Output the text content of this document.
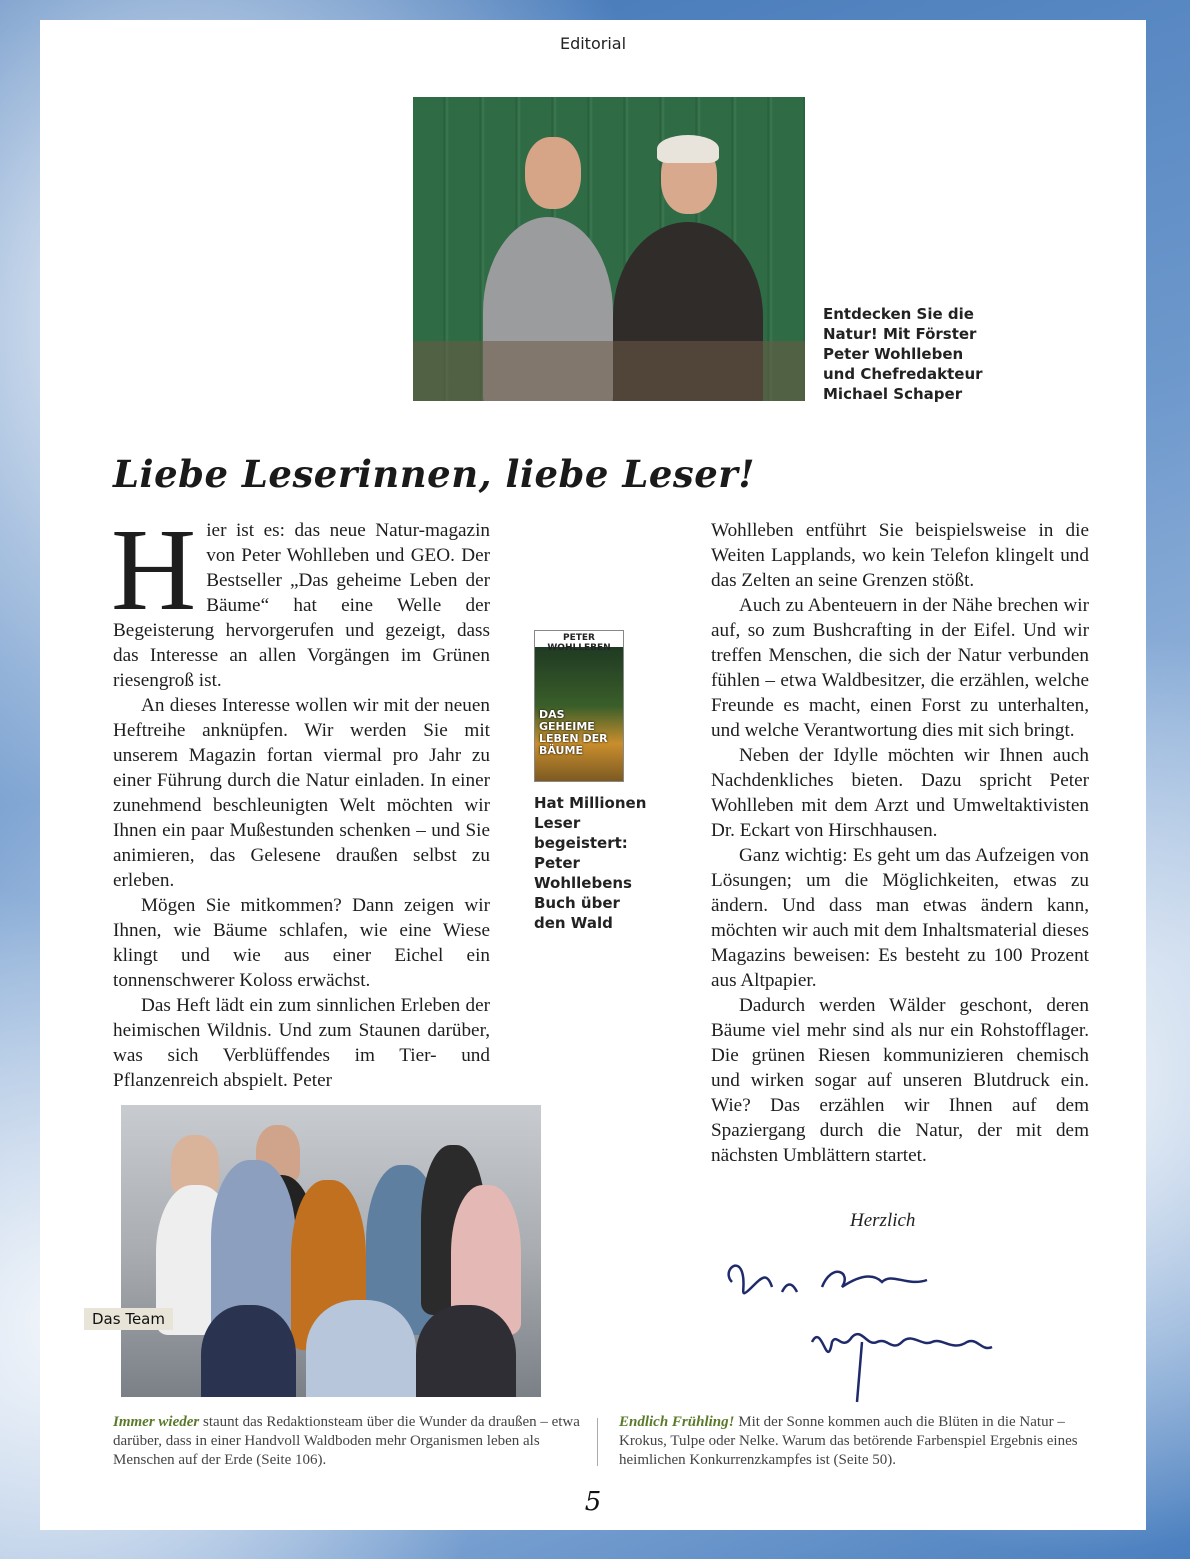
Editorial
Entdecken Sie die Natur! Mit Förster Peter Wohlleben und Chefredakteur Michael Schaper
Liebe Leserinnen, liebe Leser!

Hier ist es: das neue Natur-magazin von Peter Wohlleben und GEO. Der Bestseller „Das geheime Leben der Bäume“ hat eine Welle der Begeisterung hervorgerufen und gezeigt, dass das Interesse an allen Vorgängen im Grünen riesengroß ist.

An dieses Interesse wollen wir mit der neuen Heftreihe anknüpfen. Wir werden Sie mit unserem Magazin fortan viermal pro Jahr zu einer Führung durch die Natur einladen. In einer zunehmend beschleunigten Welt möchten wir Ihnen ein paar Mußestunden schenken – und Sie animieren, das Gelesene draußen selbst zu erleben.

Mögen Sie mitkommen? Dann zeigen wir Ihnen, wie Bäume schlafen, wie eine Wiese klingt und wie aus einer Eichel ein tonnenschwerer Koloss erwächst.

Das Heft lädt ein zum sinnlichen Erleben der heimischen Wildnis. Und zum Staunen darüber, was sich Verblüffendes im Tier- und Pflanzenreich abspielt. Peter

PETER WOHLLEBEN
DAS GEHEIME LEBEN DER BÄUME
Hat Millionen Leser begeistert: Peter Wohllebens Buch über den Wald

Wohlleben entführt Sie beispielsweise in die Weiten Lapplands, wo kein Telefon klingelt und das Zelten an seine Grenzen stößt.

Auch zu Abenteuern in der Nähe brechen wir auf, so zum Bushcrafting in der Eifel. Und wir treffen Menschen, die sich der Natur verbunden fühlen – etwa Waldbesitzer, die erzählen, welche Freunde es macht, einen Forst zu unterhalten, und welche Verantwortung dies mit sich bringt.

Neben der Idylle möchten wir Ihnen auch Nachdenkliches bieten. Dazu spricht Peter Wohlleben mit dem Arzt und Umweltaktivisten Dr. Eckart von Hirschhausen.

Ganz wichtig: Es geht um das Aufzeigen von Lösungen; um die Möglichkeiten, etwas zu ändern. Und dass man etwas ändern kann, möchten wir auch mit dem Inhaltsmaterial dieses Magazins beweisen: Es besteht zu 100 Prozent aus Altpapier.

Dadurch werden Wälder geschont, deren Bäume viel mehr sind als nur ein Rohstofflager. Die grünen Riesen kommunizieren chemisch und wirken sogar auf unseren Blutdruck ein. Wie? Das erzählen wir Ihnen auf dem Spaziergang durch die Natur, der mit dem nächsten Umblättern startet.

Das Team
Herzlich
Immer wieder staunt das Redaktionsteam über die Wunder da draußen – etwa darüber, dass in einer Handvoll Waldboden mehr Organismen leben als Menschen auf der Erde (Seite 106).
Endlich Frühling! Mit der Sonne kommen auch die Blüten in die Natur – Krokus, Tulpe oder Nelke. Warum das betörende Farbenspiel Ergebnis eines heimlichen Konkurrenzkampfes ist (Seite 50).
5
